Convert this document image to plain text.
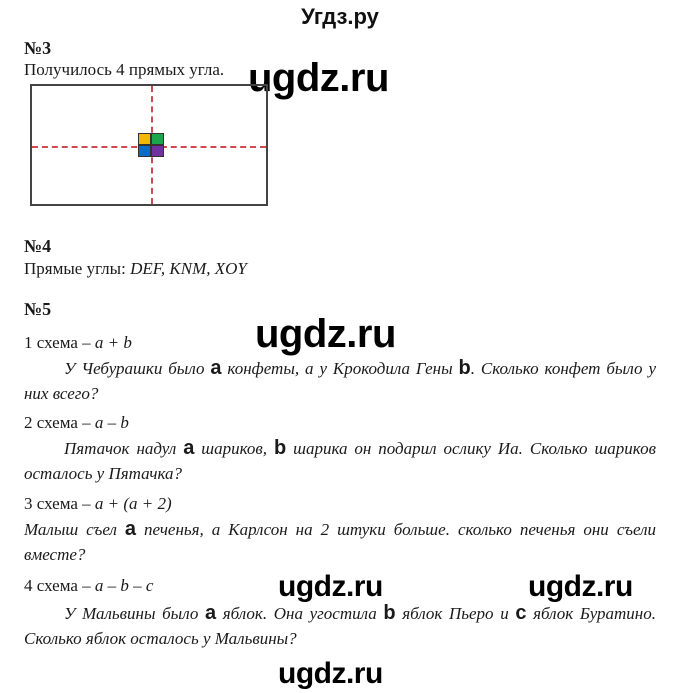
Угдз.ру
№3
Получилось 4 прямых угла. ugdz.ru
№4
Прямые углы: DEF, KNM, XOY
№5
ugdz.ru
1 схема – a + b
У Чебурашки было a конфеты, а у Крокодила Гены b. Сколько конфет было у них всего?
2 схема – a – b
Пятачок надул a шариков, b шарика он подарил ослику Иа. Сколько шариков осталось у Пятачка?
3 схема – a + (a + 2)
Малыш съел a печенья, а Карлсон на 2 штуки больше. сколько печенья они съели вместе?
4 схема – a – b – c	ugdz.ru	ugdz.ru
У Мальвины было a яблок. Она угостила b яблок Пьеро и c яблок Буратино. Сколько яблок осталось у Мальвины?
ugdz.ru
